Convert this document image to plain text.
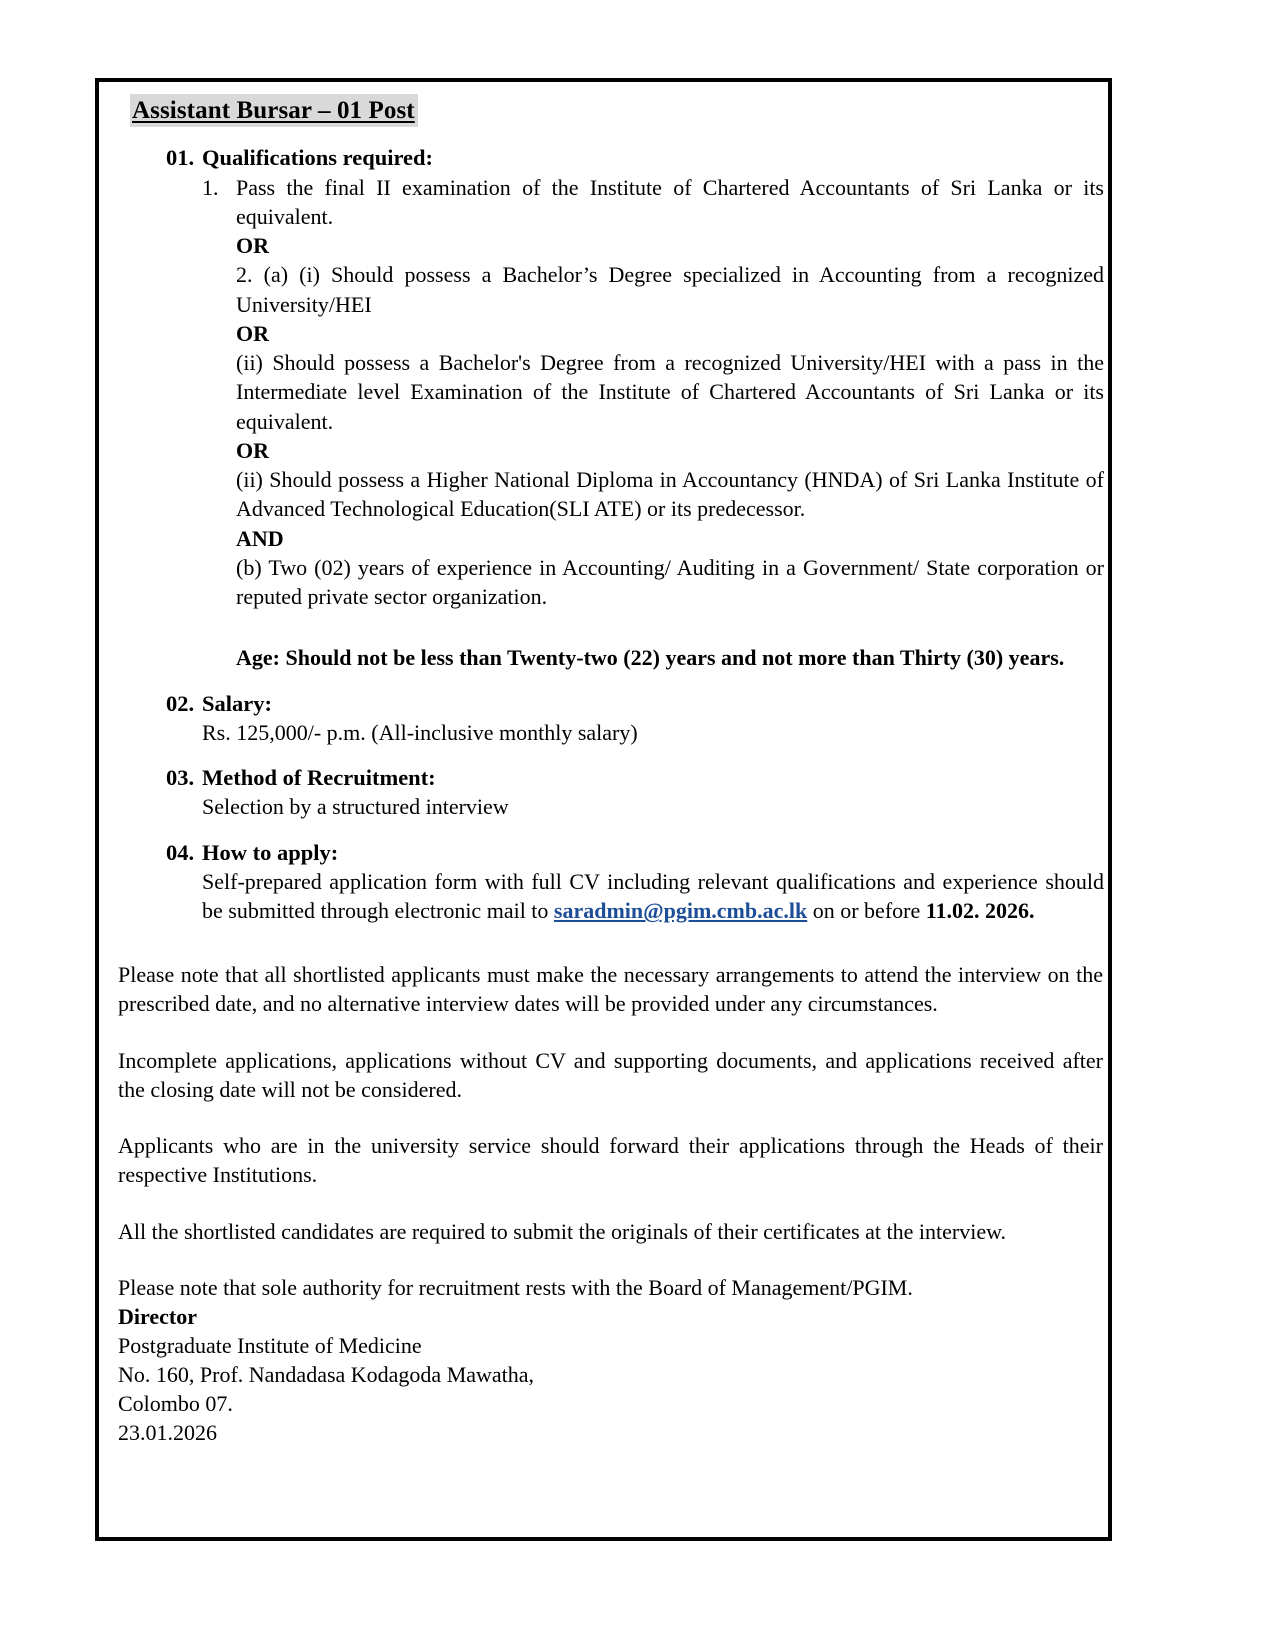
Assistant Bursar – 01 Post
01. Qualifications required:
1. Pass the final II examination of the Institute of Chartered Accountants of Sri Lanka or its equivalent.
OR
2. (a) (i) Should possess a Bachelor’s Degree specialized in Accounting from a recognized University/HEI
OR
(ii) Should possess a Bachelor's Degree from a recognized University/HEI with a pass in the Intermediate level Examination of the Institute of Chartered Accountants of Sri Lanka or its equivalent.
OR
(ii) Should possess a Higher National Diploma in Accountancy (HNDA) of Sri Lanka Institute of Advanced Technological Education(SLI ATE) or its predecessor.
AND
(b) Two (02) years of experience in Accounting/ Auditing in a Government/ State corporation or reputed private sector organization.
Age: Should not be less than Twenty-two (22) years and not more than Thirty (30) years.
02. Salary:
Rs. 125,000/- p.m. (All-inclusive monthly salary)
03. Method of Recruitment:
Selection by a structured interview
04. How to apply:
Self-prepared application form with full CV including relevant qualifications and experience should be submitted through electronic mail to saradmin@pgim.cmb.ac.lk on or before 11.02. 2026.
Please note that all shortlisted applicants must make the necessary arrangements to attend the interview on the prescribed date, and no alternative interview dates will be provided under any circumstances.
Incomplete applications, applications without CV and supporting documents, and applications received after the closing date will not be considered.
Applicants who are in the university service should forward their applications through the Heads of their respective Institutions.
All the shortlisted candidates are required to submit the originals of their certificates at the interview.
Please note that sole authority for recruitment rests with the Board of Management/PGIM.
Director
Postgraduate Institute of Medicine
No. 160, Prof. Nandadasa Kodagoda Mawatha,
Colombo 07.
23.01.2026
